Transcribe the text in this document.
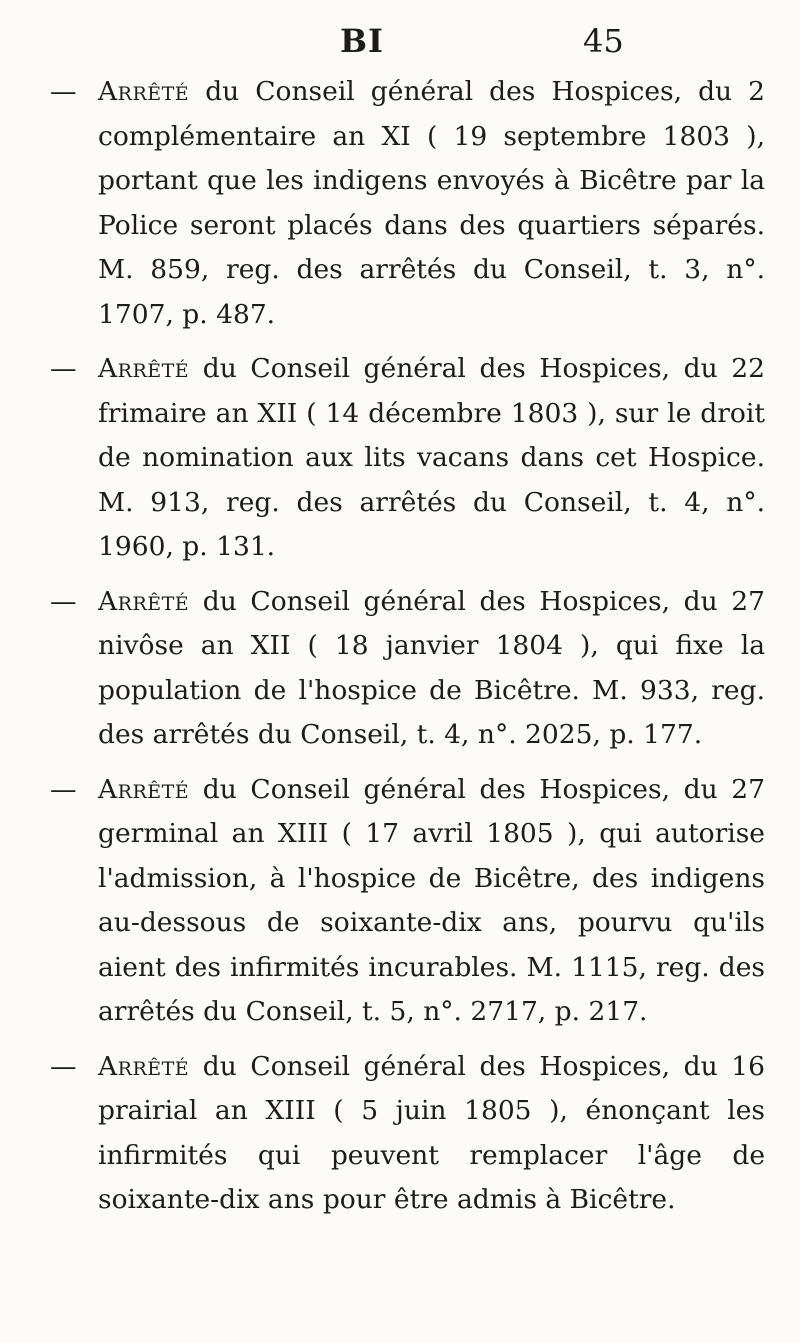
BI	45

— Arrêté du Conseil général des Hospices, du 2 complémentaire an XI ( 19 septembre 1803 ), portant que les indigens envoyés à Bicêtre par la Police seront placés dans des quartiers séparés. M. 859, reg. des arrêtés du Conseil, t. 3, n°. 1707, p. 487.

— Arrêté du Conseil général des Hospices, du 22 frimaire an XII ( 14 décembre 1803 ), sur le droit de nomination aux lits vacans dans cet Hospice. M. 913, reg. des arrêtés du Conseil, t. 4, n°. 1960, p. 131.

— Arrêté du Conseil général des Hospices, du 27 nivôse an XII ( 18 janvier 1804 ), qui fixe la population de l'hospice de Bicêtre. M. 933, reg. des arrêtés du Conseil, t. 4, n°. 2025, p. 177.

— Arrêté du Conseil général des Hospices, du 27 germinal an XIII ( 17 avril 1805 ), qui autorise l'admission, à l'hospice de Bicêtre, des indigens au-dessous de soixante-dix ans, pourvu qu'ils aient des infirmités incurables. M. 1115, reg. des arrêtés du Conseil, t. 5, n°. 2717, p. 217.

— Arrêté du Conseil général des Hospices, du 16 prairial an XIII ( 5 juin 1805 ), énonçant les infirmités qui peuvent remplacer l'âge de soixante-dix ans pour être admis à Bicêtre.
